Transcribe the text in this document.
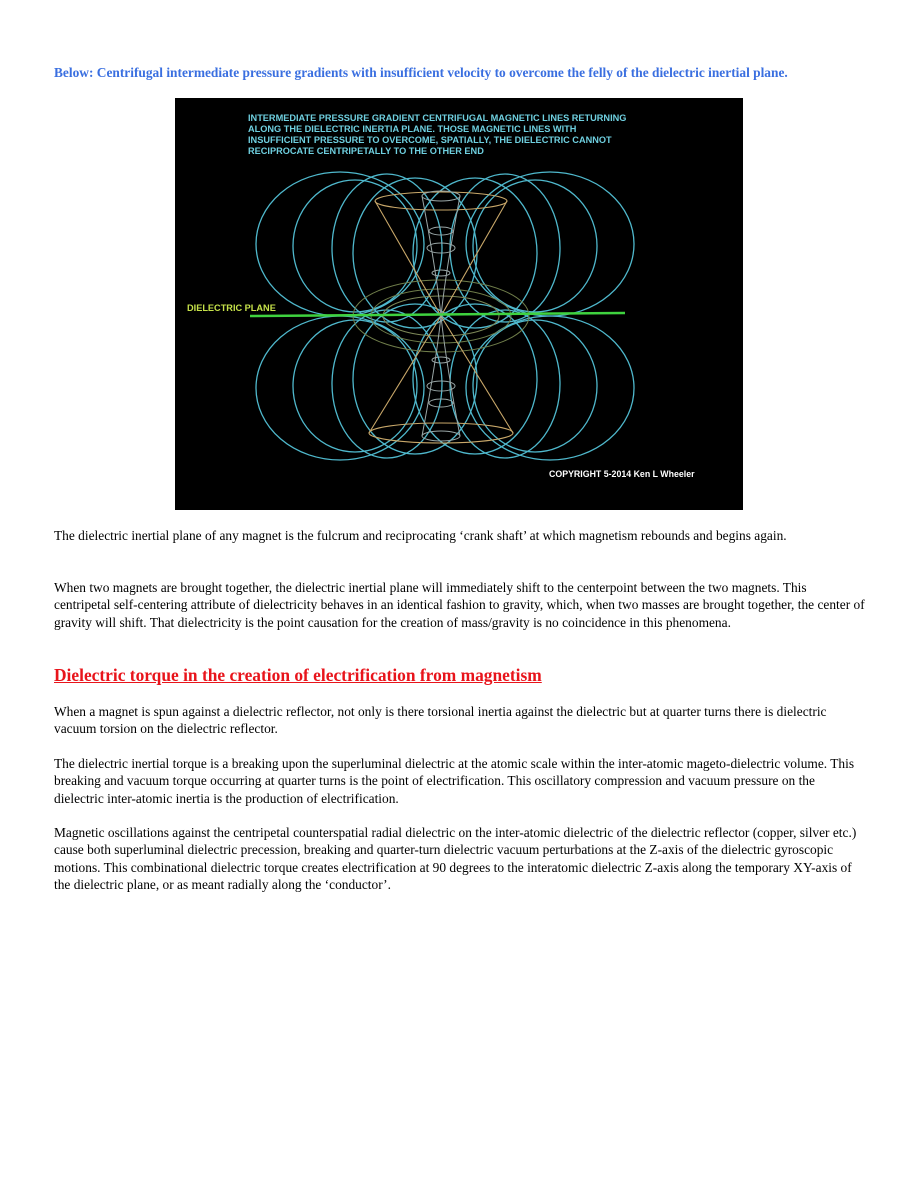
Below: Centrifugal intermediate pressure gradients with insufficient velocity to overcome the felly of the dielectric inertial plane.
INTERMEDIATE PRESSURE GRADIENT CENTRIFUGAL MAGNETIC LINES RETURNING
ALONG THE DIELECTRIC INERTIA PLANE. THOSE MAGNETIC LINES WITH
INSUFFICIENT PRESSURE TO OVERCOME, SPATIALLY, THE DIELECTRIC CANNOT
RECIPROCATE CENTRIPETALLY TO THE OTHER END
DIELECTRIC PLANE
COPYRIGHT 5-2014 Ken L Wheeler

The dielectric inertial plane of any magnet is the fulcrum and reciprocating ‘crank shaft’ at which magnetism rebounds and begins again.

When two magnets are brought together, the dielectric inertial plane will immediately shift to the centerpoint between the two magnets. This centripetal self-centering attribute of dielectricity behaves in an identical fashion to gravity, which, when two masses are brought together, the center of gravity will shift. That dielectricity is the point causation for the creation of mass/gravity is no coincidence in this phenomena.

Dielectric torque in the creation of electrification from magnetism

When a magnet is spun against a dielectric reflector, not only is there torsional inertia against the dielectric but at quarter turns there is dielectric vacuum torsion on the dielectric reflector.

The dielectric inertial torque is a breaking upon the superluminal dielectric at the atomic scale within the inter-atomic mageto-dielectric volume. This breaking and vacuum torque occurring at quarter turns is the point of electrification. This oscillatory compression and vacuum pressure on the dielectric inter-atomic inertia is the production of electrification.

Magnetic oscillations against the centripetal counterspatial radial dielectric on the inter-atomic dielectric of the dielectric reflector (copper, silver etc.) cause both superluminal dielectric precession, breaking and quarter-turn dielectric vacuum perturbations at the Z-axis of the dielectric gyroscopic motions. This combinational dielectric torque creates electrification at 90 degrees to the interatomic dielectric Z-axis along the temporary XY-axis of the dielectric plane, or as meant radially along the ‘conductor’.
